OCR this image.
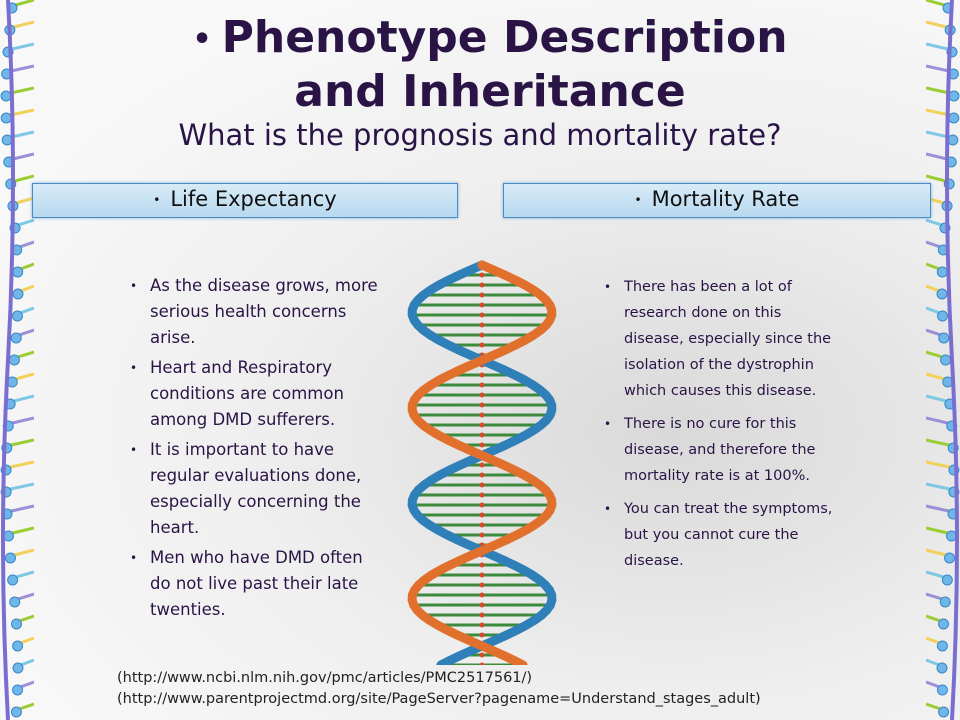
• Phenotype Description and Inheritance
What is the prognosis and mortality rate?
• Life Expectancy	• Mortality Rate
• As the disease grows, more serious health concerns arise.
• Heart and Respiratory conditions are common among DMD sufferers.
• It is important to have regular evaluations done, especially concerning the heart.
• Men who have DMD often do not live past their late twenties.
• There has been a lot of research done on this disease, especially since the isolation of the dystrophin which causes this disease.
• There is no cure for this disease, and therefore the mortality rate is at 100%.
• You can treat the symptoms, but you cannot cure the disease.
(http://www.ncbi.nlm.nih.gov/pmc/articles/PMC2517561/)
(http://www.parentprojectmd.org/site/PageServer?pagename=Understand_stages_adult)
